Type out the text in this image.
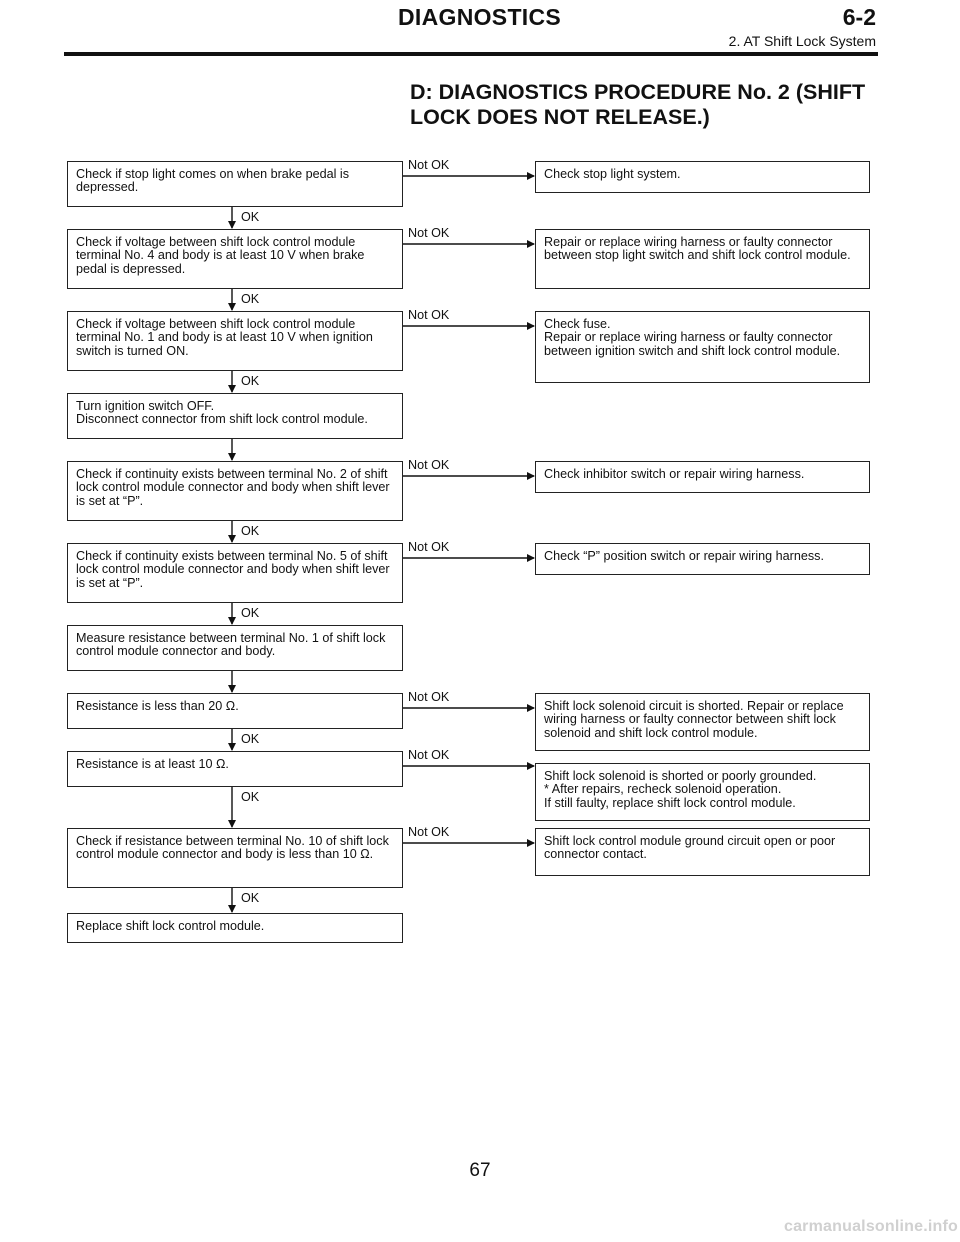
DIAGNOSTICS	6-2
2. AT Shift Lock System
D: DIAGNOSTICS PROCEDURE No. 2 (SHIFT LOCK DOES NOT RELEASE.)
Check if stop light comes on when brake pedal is depressed.
OK
Check stop light system.
Not OK
Check if voltage between shift lock control module terminal No. 4 and body is at least 10 V when brake pedal is depressed.
OK
Repair or replace wiring harness or faulty connector between stop light switch and shift lock control module.
Not OK
Check if voltage between shift lock control module terminal No. 1 and body is at least 10 V when ignition switch is turned ON.
OK
Check fuse.
Repair or replace wiring harness or faulty connector between ignition switch and shift lock control module.
Not OK
Turn ignition switch OFF.
Disconnect connector from shift lock control module.
Check if continuity exists between terminal No. 2 of shift lock control module connector and body when shift lever is set at “P”.
OK
Check inhibitor switch or repair wiring harness.
Not OK
Check if continuity exists between terminal No. 5 of shift lock control module connector and body when shift lever is set at “P”.
OK
Check “P” position switch or repair wiring harness.
Not OK
Measure resistance between terminal No. 1 of shift lock control module connector and body.
Resistance is less than 20 Ω.
OK
Shift lock solenoid circuit is shorted. Repair or replace wiring harness or faulty connector between shift lock solenoid and shift lock control module.
Not OK
Resistance is at least 10 Ω.
OK
Shift lock solenoid is shorted or poorly grounded.
* After repairs, recheck solenoid operation.
If still faulty, replace shift lock control module.
Not OK
Check if resistance between terminal No. 10 of shift lock control module connector and body is less than 10 Ω.
OK
Shift lock control module ground circuit open or poor connector contact.
Not OK
Replace shift lock control module.
67
carmanualsonline.info
